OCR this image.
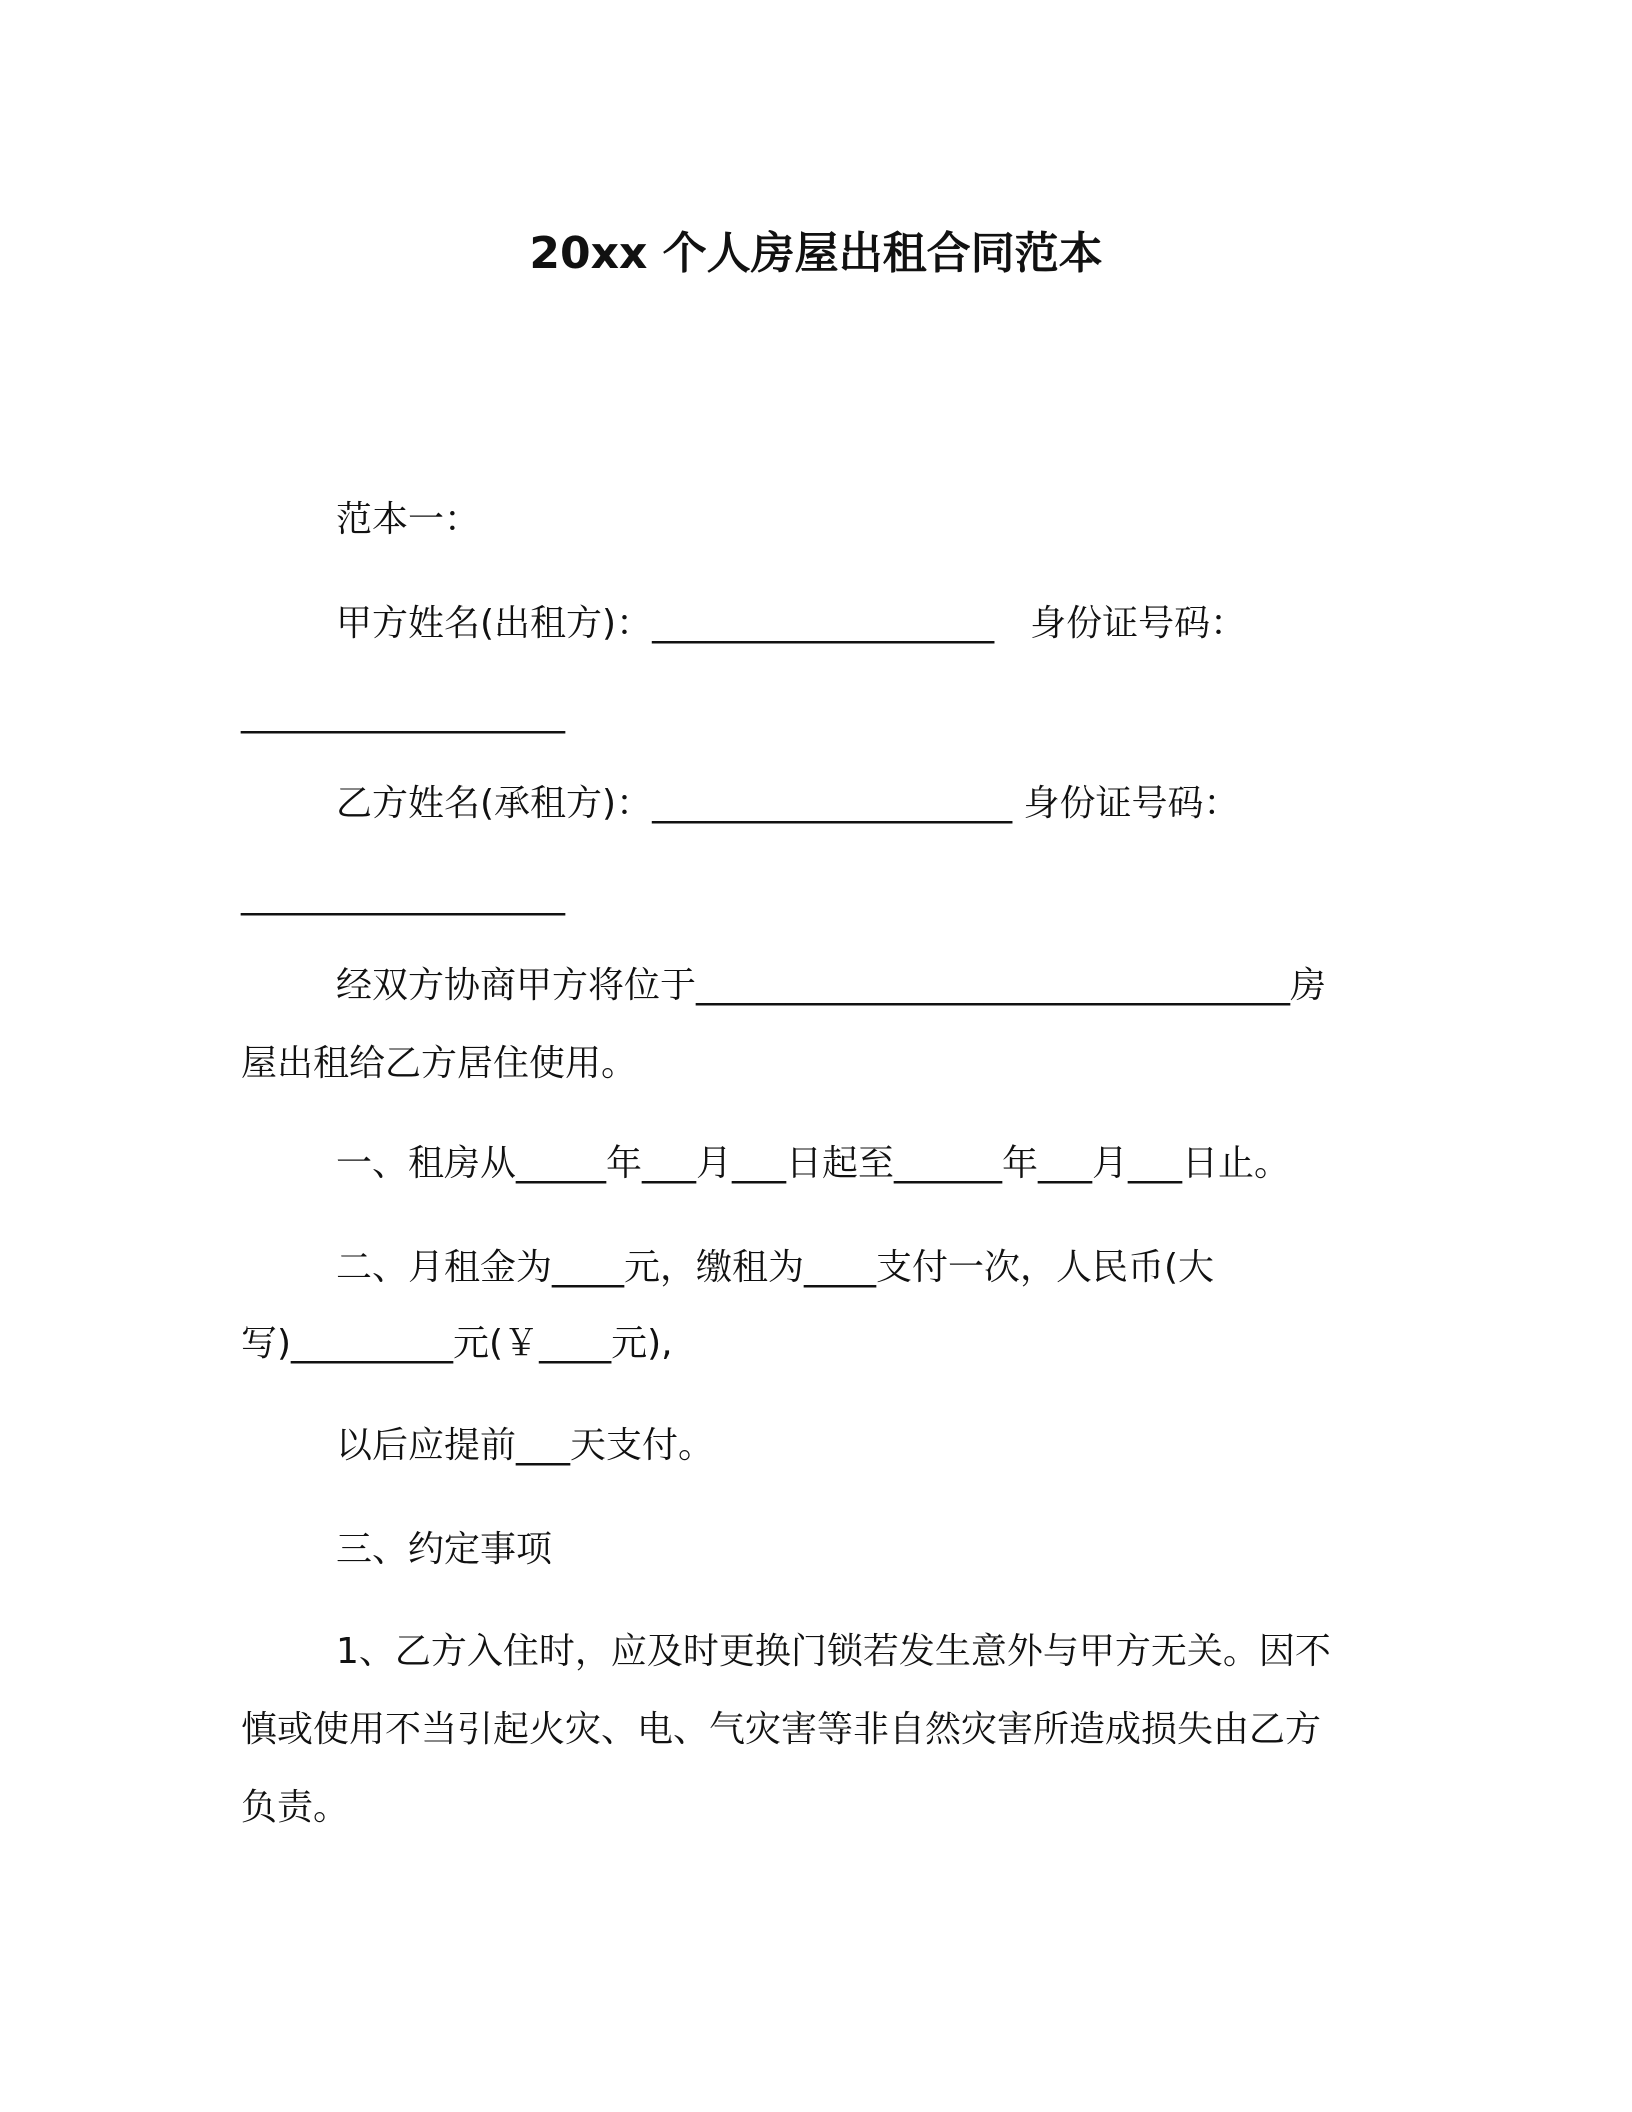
20xx 个人房屋出租合同范本
范本一：
甲方姓名(出租方)：___________________　身份证号码：
__________________
乙方姓名(承租方)：____________________ 身份证号码：
__________________
经双方协商甲方将位于_________________________________房
屋出租给乙方居住使用。
一、租房从_____年___月___日起至______年___月___日止。
二、月租金为____元，缴租为____支付一次，人民币(大
写)_________元(￥____元),
以后应提前___天支付。
三、约定事项
1、乙方入住时，应及时更换门锁若发生意外与甲方无关。因不
慎或使用不当引起火灾、电、气灾害等非自然灾害所造成损失由乙方
负责。
